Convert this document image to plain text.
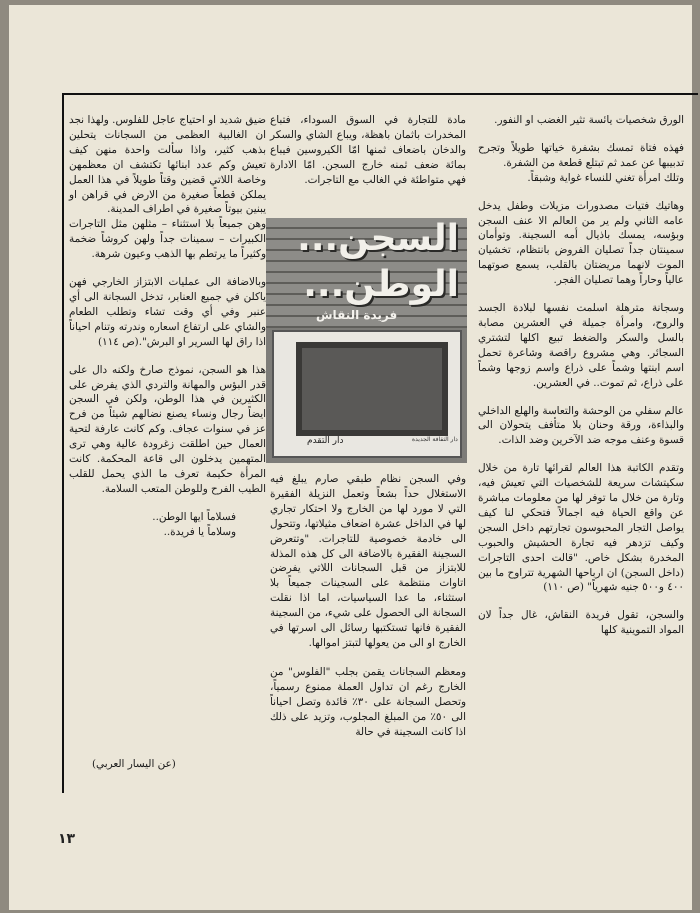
الورق شخصيات يائسة تثير الغضب او النفور.

فهذه فتاة تمسك بشفرة خياتها طويلاً وتجرح تدبيبها عن عمد ثم تبتلع قطعة من الشفرة.
وتلك امرأة تغني للنساء غواية وشبقاً.

وهاتيك فتيات مصدورات مزيلات وطفل يدخل عامه الثاني ولم ير من العالم الا عنف السجن وبؤسه، يمسك باذيال أمه السجينة. وتوأمان سمينتان جداً تصليان الفروض بانتظام، تخشيان الموت لانهما مريضتان بالقلب، يسمع صوتهما عالياً وحاراً وهما تصليان الفجر.

وسجانة مترهلة اسلمت نفسها لبلادة الجسد والروح، وامرأة جميلة في العشرين مصابة بالسل والسكر والضغط تبيع اكلها لتشتري السجائر. وهي مشروع راقصة وشاعرة تحمل اسم ابنتها وشماً على ذراع واسم زوجها وشماً على ذراع، ثم تموت.. في العشرين.

عالم سفلي من الوحشة والتعاسة والهلع الداخلي والبذاءة، ورقة وحنان بلا متأفف يتحولان الى قسوة وعنف موجه ضد الآخرين وضد الذات.

وتقدم الكاتبة هذا العالم لقرائها تارة من خلال سكيتشات سريعة للشخصيات التي تعيش فيه، وتارة من خلال ما توفر لها من معلومات مباشرة عن واقع الحياة فيه اجمالاً فتحكي لنا كيف يواصل التجار المحبوسون تجارتهم داخل السجن وكيف تزدهر فيه تجارة الحشيش والحبوب المخدرة بشكل خاص. "قالت احدى التاجرات (داخل السجن) ان ارباحها الشهرية تتراوح ما بين ٤٠٠ و٥٠٠ جنيه شهرياً" (ص ١١٠)

والسجن، تقول فريدة النقاش، غال جداً لان المواد التموينية كلها

مادة للتجارة في السوق السوداء، فتباع المخدرات باثمان باهظة، ويباع الشاي والسكر والدخان باضعاف ثمنها امّا الكيروسين فيباع بمائة ضعف ثمنه خارج السجن. امّا الادارة فهي متواطئة في الغالب مع التاجرات.

السجن...
الوطن...
فريدة النقاش
دار التقدم	دار الثقافة الجديدة

وفي السجن نظام طبقي صارم يبلغ فيه الاستغلال حداً بشعاً وتعمل النزيلة الفقيرة التي لا مورد لها من الخارج ولا احتكار تجاري لها في الداخل عشرة اضعاف مثيلاتها، وتتحول الى خادمة خصوصية للتاجرات. "وتتعرض السجينة الفقيرة بالاضافة الى كل هذه المذلة للابتزاز من قبل السجانات اللاتي يفرضن اتاوات منتظمة على السجينات جميعاً بلا استثناء، ما عدا السياسيات، اما اذا نقلت السجانة الى الحصول على شيء، من السجينة الفقيرة فانها تستكتبها رسائل الى اسرتها في الخارج او الى من يعولها لتبتز اموالها.

ومعظم السجانات يقمن بجلب "الفلوس" من الخارج رغم ان تداول العملة ممنوع رسمياً، وتحصل السجانة على ٣٠٪ فائدة وتصل احياناً الى ٥٠٪ من المبلغ المجلوب، وتزيد على ذلك اذا كانت السجينة في حالة

ضيق شديد او احتياج عاجل للفلوس. ولهذا نجد ان الغالبية العظمى من السجانات يتحلين بذهب كثير، واذا سألت واحدة منهن كيف تعيش وكم عدد ابنائها تكتشف ان معظمهن وخاصة اللاتي قضين وقتاً طويلاً في هذا العمل يملكن قطعاً صغيرة من الارض في قراهن او يبنين بيوتاً صغيرة في اطراف المدينة.
وهن جميعاً بلا استثناء – مثلهن مثل التاجرات الكبيرات – سمينات جداً ولهن كروشاً ضخمة وكثيراً ما يرتطم بها الذهب وعيون شرهة.

وبالاضافة الى عمليات الابتزاز الخارجي فهن ياكلن في جميع العنابر، تدخل السجانة الى أي عنبر وفي أي وقت تشاء وتطلب الطعام والشاي على ارتفاع اسعاره وندرته وتنام احياناً اذا راق لها السرير او البرش".(ص ١١٤)

هذا هو السجن، نموذج صارخ ولكنه دال على قدر البؤس والمهانة والتردي الذي يفرض على الكثيرين في هذا الوطن، ولكن في السجن ايضاً رجال ونساء يصنع نضالهم شيئاً من فرح عز في سنوات عجاف. وكم كانت عارفة لتحية العمال حين اطلقت زغرودة عالية وهي ترى المتهمين يدخلون الى قاعة المحكمة. كانت المرأة حكيمة تعرف ما الذي يحمل للقلب الطيب الفرح وللوطن المتعب السلامة.

فسلاماً ايها الوطن..
وسلاماً يا فريدة..

(عن اليسار العربي)
١٣
